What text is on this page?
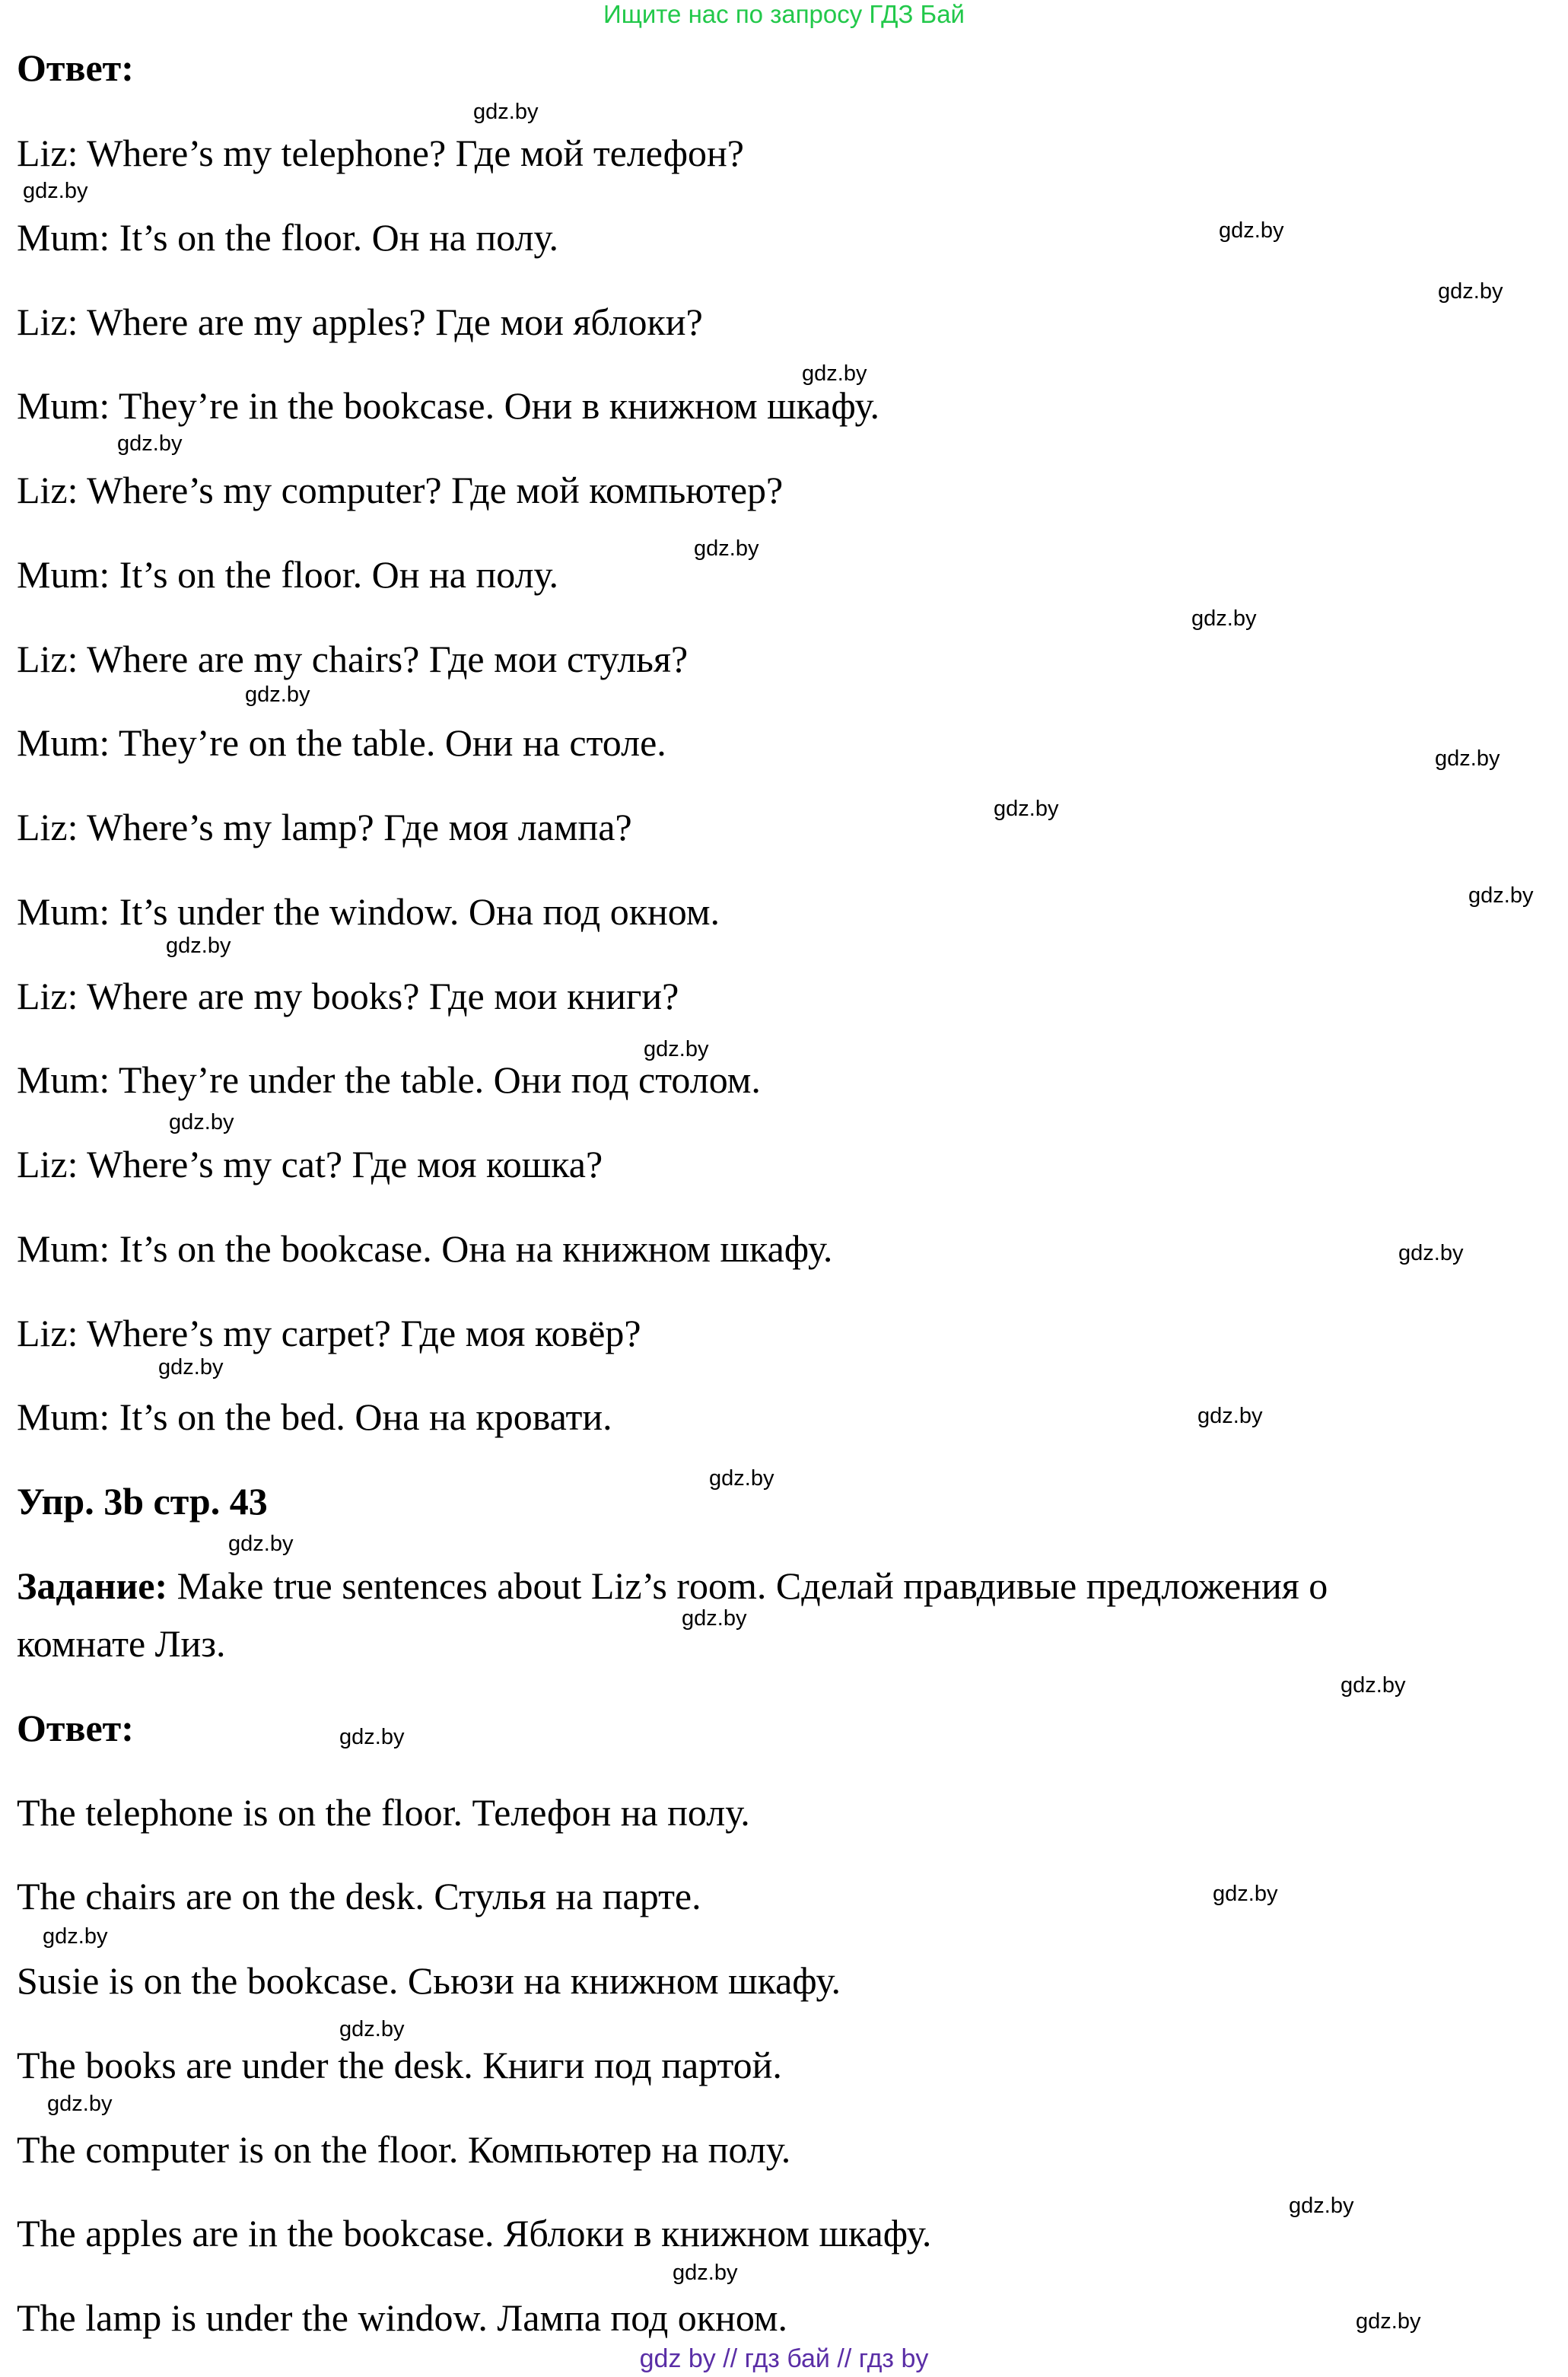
Ищите нас по запросу ГДЗ Бай
Ответ:
Liz: Where’s my telephone? Где мой телефон?
Mum: It’s on the floor. Он на полу.
Liz: Where are my apples? Где мои яблоки?
Mum: They’re in the bookcase. Они в книжном шкафу.
Liz: Where’s my computer? Где мой компьютер?
Mum: It’s on the floor. Он на полу.
Liz: Where are my chairs? Где мои стулья?
Mum: They’re on the table. Они на столе.
Liz: Where’s my lamp? Где моя лампа?
Mum: It’s under the window. Она под окном.
Liz: Where are my books? Где мои книги?
Mum: They’re under the table. Они под столом.
Liz: Where’s my cat? Где моя кошка?
Mum: It’s on the bookcase. Она на книжном шкафу.
Liz: Where’s my carpet? Где моя ковёр?
Mum: It’s on the bed. Она на кровати.
Упр. 3b стр. 43
Задание: Make true sentences about Liz’s room. Сделай правдивые предложения о
комнате Лиз.
Ответ:
The telephone is on the floor. Телефон на полу.
The chairs are on the desk. Стулья на парте.
Susie is on the bookcase. Сьюзи на книжном шкафу.
The books are under the desk. Книги под партой.
The computer is on the floor. Компьютер на полу.
The apples are in the bookcase. Яблоки в книжном шкафу.
The lamp is under the window. Лампа под окном.
gdz.by
gdz.by
gdz.by
gdz.by
gdz.by
gdz.by
gdz.by
gdz.by
gdz.by
gdz.by
gdz.by
gdz.by
gdz.by
gdz.by
gdz.by
gdz.by
gdz.by
gdz.by
gdz.by
gdz.by
gdz.by
gdz.by
gdz.by
gdz.by
gdz.by
gdz.by
gdz.by
gdz.by
gdz.by
gdz.by
gdz by // гдз бай // гдз by
